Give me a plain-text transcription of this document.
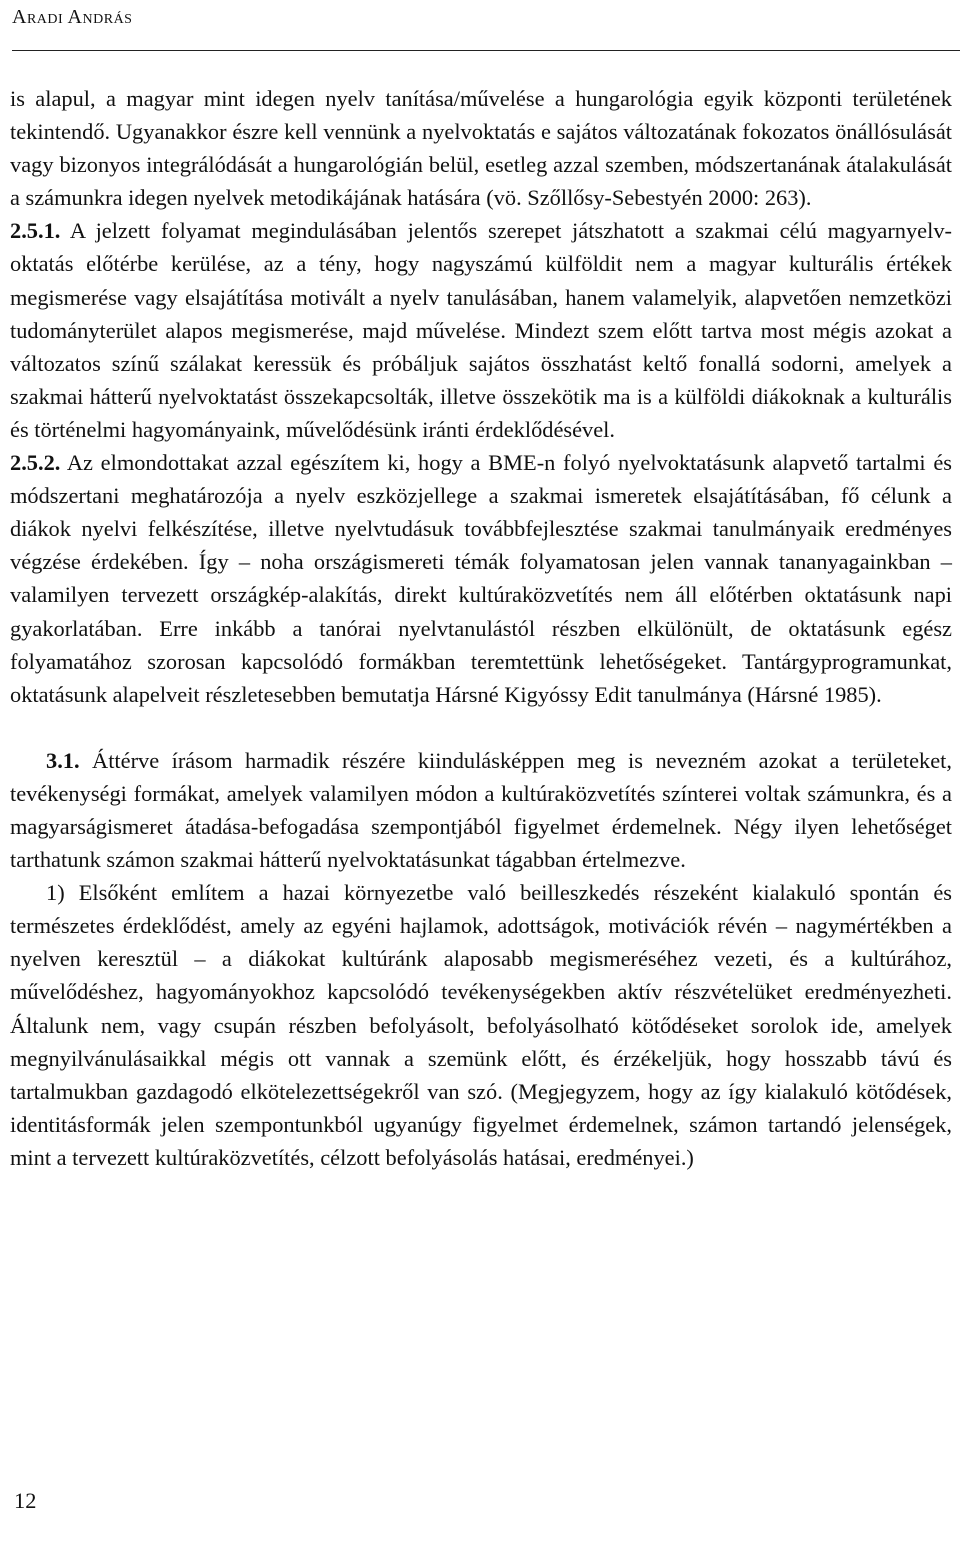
Aradi András

is alapul, a magyar mint idegen nyelv tanítása/művelése a hungarológia egyik központi területének tekintendő. Ugyanakkor észre kell vennünk a nyelvoktatás e sajátos változatának fokozatos önállósulását vagy bizonyos integrálódását a hungarológián belül, esetleg azzal szemben, módszertanának átalakulását a számunkra idegen nyelvek metodikájának hatására (vö. Szőllősy-Sebestyén 2000: 263).

2.5.1. A jelzett folyamat megindulásában jelentős szerepet játszhatott a szakmai célú magyarnyelv-oktatás előtérbe kerülése, az a tény, hogy nagyszámú külföldit nem a magyar kulturális értékek megismerése vagy elsajátítása motivált a nyelv tanulásában, hanem valamelyik, alapvetően nemzetközi tudományterület alapos megismerése, majd művelése. Mindezt szem előtt tartva most mégis azokat a változatos színű szálakat keressük és próbáljuk sajátos összhatást keltő fonallá sodorni, amelyek a szakmai hátterű nyelvoktatást összekapcsolták, illetve összekötik ma is a külföldi diákoknak a kulturális és történelmi hagyományaink, művelődésünk iránti érdeklődésével.

2.5.2. Az elmondottakat azzal egészítem ki, hogy a BME-n folyó nyelvoktatásunk alapvető tartalmi és módszertani meghatározója a nyelv eszközjellege a szakmai ismeretek elsajátításában, fő célunk a diákok nyelvi felkészítése, illetve nyelvtudásuk továbbfejlesztése szakmai tanulmányaik eredményes végzése érdekében. Így – noha országismereti témák folyamatosan jelen vannak tananyagainkban – valamilyen tervezett országkép-alakítás, direkt kultúraközvetítés nem áll előtérben oktatásunk napi gyakorlatában. Erre inkább a tanórai nyelvtanulástól részben elkülönült, de oktatásunk egész folyamatához szorosan kapcsolódó formákban teremtettünk lehetőségeket. Tantárgyprogramunkat, oktatásunk alapelveit részletesebben bemutatja Hársné Kigyóssy Edit tanulmánya (Hársné 1985).

3.1. Áttérve írásom harmadik részére kiindulásképpen meg is nevezném azokat a területeket, tevékenységi formákat, amelyek valamilyen módon a kultúraközvetítés színterei voltak számunkra, és a magyarságismeret átadása-befogadása szempontjából figyelmet érdemelnek. Négy ilyen lehetőséget tarthatunk számon szakmai hátterű nyelvoktatásunkat tágabban értelmezve.

1) Elsőként említem a hazai környezetbe való beilleszkedés részeként kialakuló spontán és természetes érdeklődést, amely az egyéni hajlamok, adottságok, motivációk révén – nagymértékben a nyelven keresztül – a diákokat kultúránk alaposabb megismeréséhez vezeti, és a kultúrához, művelődéshez, hagyományokhoz kapcsolódó tevékenységekben aktív részvételüket eredményezheti. Általunk nem, vagy csupán részben befolyásolt, befolyásolható kötődéseket sorolok ide, amelyek megnyilvánulásaikkal mégis ott vannak a szemünk előtt, és érzékeljük, hogy hosszabb távú és tartalmukban gazdagodó elkötelezettségekről van szó. (Megjegyzem, hogy az így kialakuló kötődések, identitásformák jelen szempontunkból ugyanúgy figyelmet érdemelnek, számon tartandó jelenségek, mint a tervezett kultúraközvetítés, célzott befolyásolás hatásai, eredményei.)

12
